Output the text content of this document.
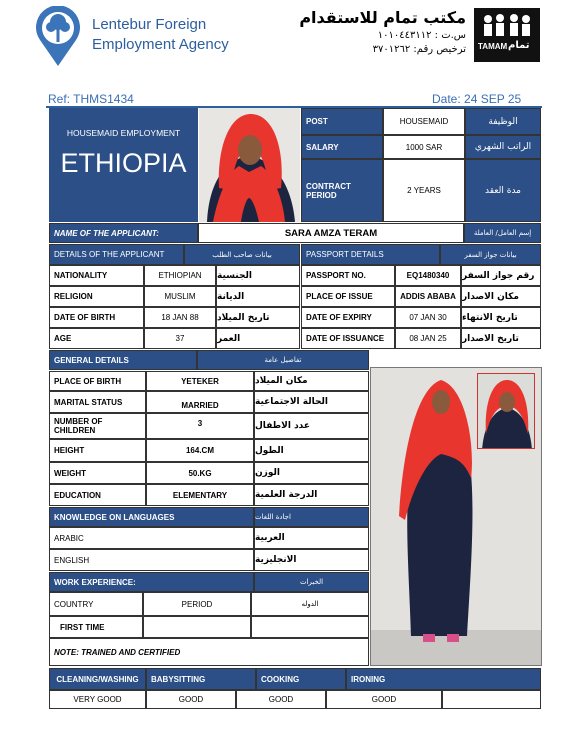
Lentebur Foreign
Employment Agency
مكتب تمام للاستقدام
س.ت : ١٠١٠٤٤٣١١٢
ترخيص رقم: ٣٧٠١٢٦٢ TAMAM تمام
Ref: THMS1434	Date: 24 SEP 25
HOUSEMAID EMPLOYMENT
ETHIOPIA
POST	HOUSEMAID	الوظيفة
SALARY	1000 SAR	الراتب الشهري
CONTRACT
PERIOD	2 YEARS	مدة العقد
NAME OF THE APPLICANT:	SARA AMZA TERAM	إسم العامل/ العاملة
DETAILS OF THE APPLICANT	بيانات صاحب الطلب	PASSPORT DETAILS	بيانات جواز السفر
NATIONALITY	ETHIOPIAN	الجنسية
RELIGION	MUSLIM	الديانة
DATE OF BIRTH	18 JAN 88	تاريخ الميلاد
AGE	37	العمر
PASSPORT NO.	EQ1480340	رقم جواز السفر
PLACE OF ISSUE	ADDIS ABABA مكان الاصدار
DATE OF EXPIRY	07 JAN 30	تاريخ الانتهاء
DATE OF ISSUANCE	08 JAN 25	تاريخ الاصدار
GENERAL DETAILS	تفاصيل عامة
PLACE OF BIRTH	YETEKER	مكان الميلاد
MARITAL STATUS	MARRIED	الحالة الاجتماعية
NUMBER OF
CHILDREN
3	عدد الاطفال
HEIGHT	164.CM	الطول
WEIGHT	50.KG	الوزن
EDUCATION	ELEMENTARY	الدرجة العلمية
KNOWLEDGE ON LANGUAGES	اجادة اللغات
ARABIC	العربية
ENGLISH	الانجليزية
WORK EXPERIENCE:	الخبرات
COUNTRY	PERIOD	الدوله
FIRST TIME
NOTE: TRAINED AND CERTIFIED
CLEANING/WASHING	BABYSITTING	COOKING	IRONING
VERY GOOD	GOOD	GOOD	GOOD
